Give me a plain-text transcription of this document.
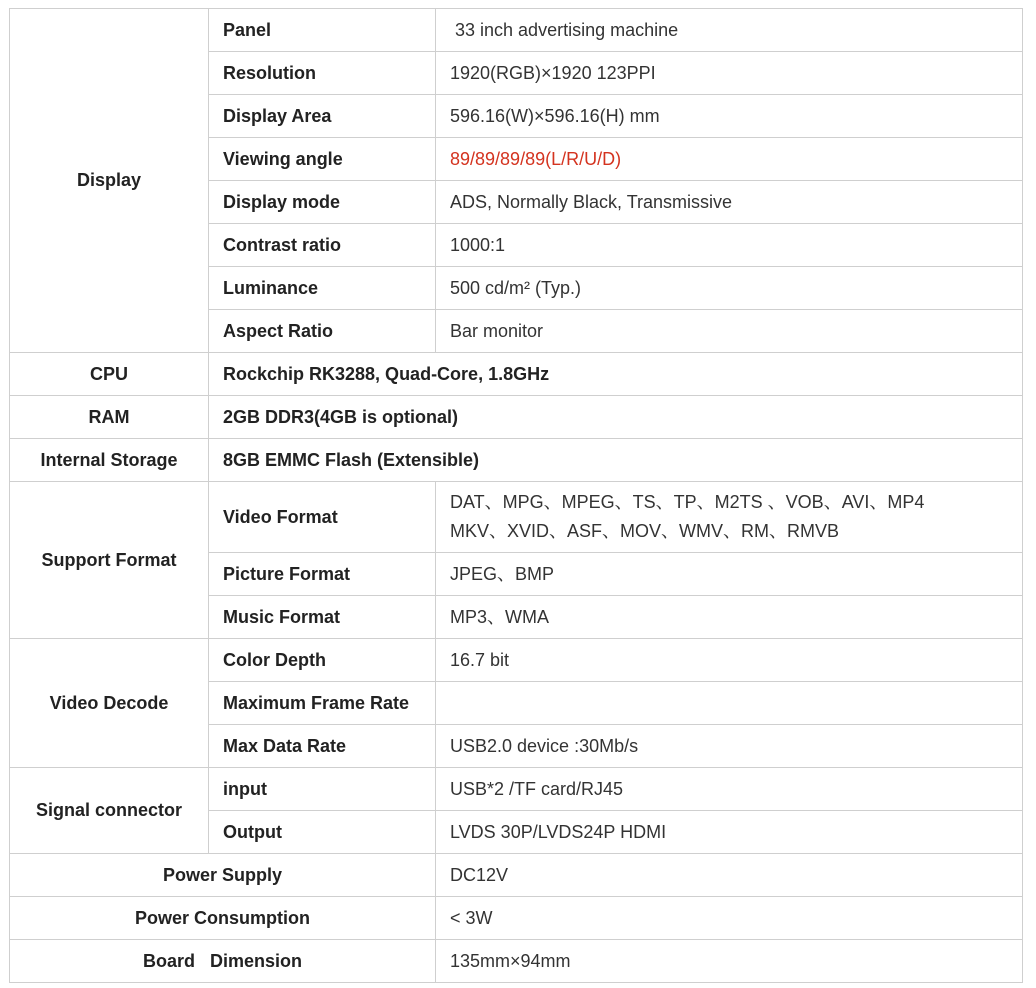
Display	Panel	33 inch advertising machine
	Resolution	1920(RGB)×1920 123PPI
	Display Area	596.16(W)×596.16(H) mm
	Viewing angle	89/89/89/89(L/R/U/D)
	Display mode	ADS, Normally Black, Transmissive
	Contrast ratio	1000:1
	Luminance	500 cd/m² (Typ.)
	Aspect Ratio	Bar monitor
CPU	Rockchip RK3288, Quad-Core, 1.8GHz	
RAM	2GB DDR3(4GB is optional)	
Internal Storage	8GB EMMC Flash (Extensible)	
Support Format	Video Format	DAT、MPG、MPEG、TS、TP、M2TS 、VOB、AVI、MP4
MKV、XVID、ASF、MOV、WMV、RM、RMVB

	Picture Format	JPEG、BMP
	Music Format	MP3、WMA
Video Decode	Color Depth	16.7 bit
	Maximum Frame Rate	
	Max Data Rate	USB2.0 device :30Mb/s
Signal connector	input	USB*2 /TF card/RJ45
	Output	LVDS 30P/LVDS24P HDMI
Power Supply		DC12V
Power Consumption		< 3W
Board   Dimension		135mm×94mm
